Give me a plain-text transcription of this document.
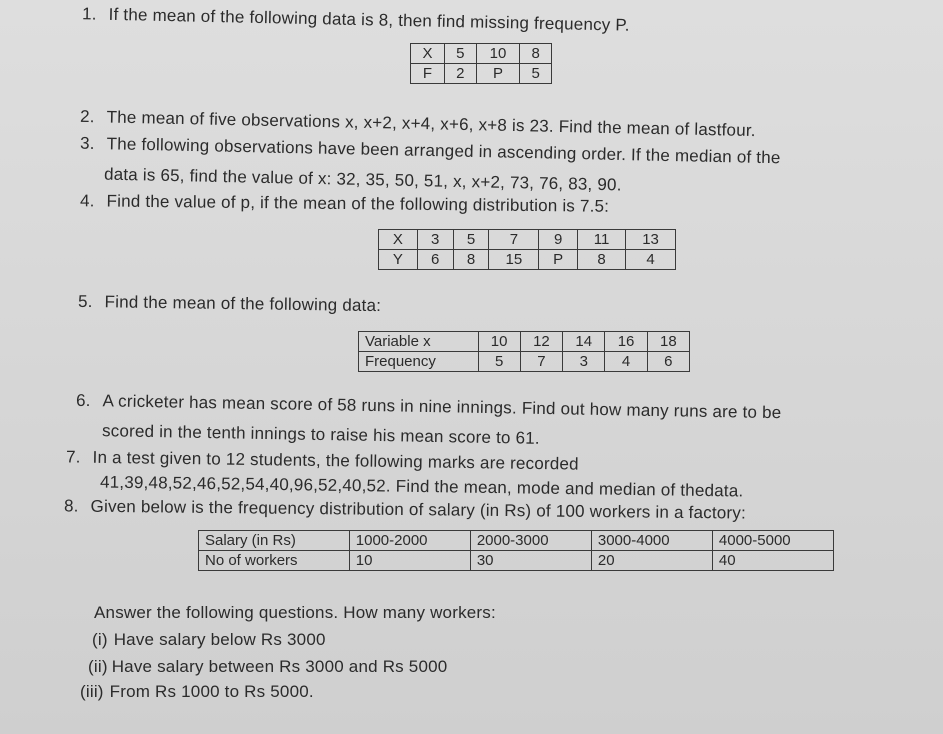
1. If the mean of the following data is 8, then find missing frequency P.
X	5	10	8
F	2	P	5
2. The mean of five observations x, x+2, x+4, x+6, x+8 is 23. Find the mean of lastfour.
3. The following observations have been arranged in ascending order. If the median of the
data is 65, find the value of x: 32, 35, 50, 51, x, x+2, 73, 76, 83, 90.
4. Find the value of p, if the mean of the following distribution is 7.5:
X	3	5	7	9	11	13
Y	6	8	15	P	8	4
5. Find the mean of the following data:
Variable x	10	12	14	16	18
Frequency	5	7	3	4	6
6. A cricketer has mean score of 58 runs in nine innings. Find out how many runs are to be
scored in the tenth innings to raise his mean score to 61.
7. In a test given to 12 students, the following marks are recorded
41,39,48,52,46,52,54,40,96,52,40,52. Find the mean, mode and median of thedata.
8. Given below is the frequency distribution of salary (in Rs) of 100 workers in a factory:
Salary (in Rs)	1000-2000	2000-3000	3000-4000	4000-5000
No of workers	10	30	20	40
Answer the following questions. How many workers:
(i) Have salary below Rs 3000
(ii) Have salary between Rs 3000 and Rs 5000
(iii) From Rs 1000 to Rs 5000.
